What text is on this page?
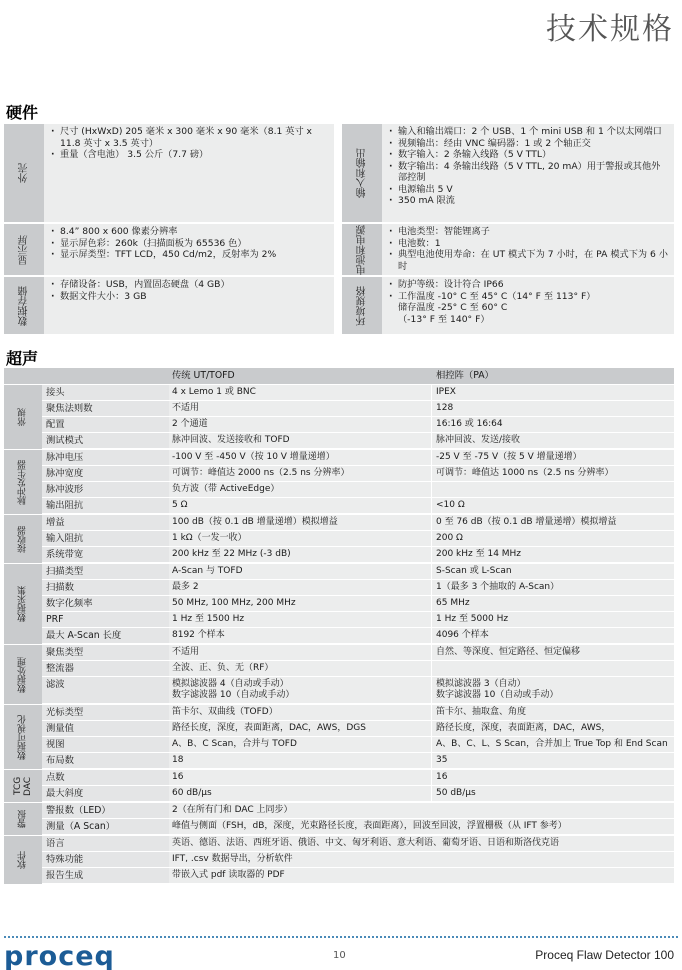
技术规格
硬件
外壳
· 尺寸 (HxWxD) 205 毫米 x 300 毫米 x 90 毫米（8.1 英寸 x 11.8 英寸 x 3.5 英寸）
· 重量（含电池） 3.5 公斤（7.7 磅）
显示屏
· 8.4” 800 x 600 像素分辨率
· 显示屏色彩：260k（扫描面板为 65536 色）
· 显示屏类型：TFT LCD，450 Cd/m2，反射率为 2%
数据存储
· 存储设备：USB，内置固态硬盘（4 GB）
· 数据文件大小：3 GB
输入和输出
· 输入和输出端口：2 个 USB、1 个 mini USB 和 1 个以太网端口
· 视频输出：经由 VNC 编码器：1 或 2 个轴正交
· 数字输入：2 条输入线路（5 V TTL）
· 数字输出：4 条输出线路（5 V TTL, 20 mA）用于警报或其他外部控制
· 电源输出 5 V
· 350 mA 限流
电池和电源
·	电池类型：智能锂离子
· 电池数：1
· 典型电池使用寿命：在 UT 模式下为 7 小时，在 PA 模式下为 6 小时
环境规格
· 防护等级：设计符合 IP66
· 工作温度 -10° C 至 45° C（14° F 至 113° F）
储存温度 -25° C 至 60° C
（-13° F 至 140° F）
超声
传统 UT/TOFD	相控阵（PA）
常规
接头	4 x Lemo 1 或 BNC	IPEX
聚焦法则数	不适用	128
配置	2 个通道	16:16 或 16:64
测试模式	脉冲回波、发送接收和 TOFD	脉冲回波、发送/接收
脉冲发生器
脉冲电压	-100 V 至 -450 V（按 10 V 增量递增）	-25 V 至 -75 V（按 5 V 增量递增）
脉冲宽度	可调节：峰值达 2000 ns（2.5 ns 分辨率）	可调节：峰值达 1000 ns（2.5 ns 分辨率）
脉冲波形	负方波（带 ActiveEdge）
输出阻抗	5 Ω	<10 Ω
接收器
增益	100 dB（按 0.1 dB 增量递增）模拟增益	0 至 76 dB（按 0.1 dB 增量递增）模拟增益
输入阻抗	1 kΩ（一发一收）	200 Ω
系统带宽	200 kHz 至 22 MHz (-3 dB)	200 kHz 至 14 MHz
数据采集
扫描类型	A-Scan 与 TOFD	S-Scan 或 L-Scan
扫描数	最多 2	1（最多 3 个抽取的 A-Scan）
数字化频率	50 MHz, 100 MHz, 200 MHz	65 MHz
PRF	1 Hz 至 1500 Hz	1 Hz 至 5000 Hz
最大 A-Scan 长度	8192 个样本	4096 个样本
数据处理
聚焦类型	不适用	自然、等深度、恒定路径、恒定偏移
整流器	全波、正、负、无（RF）
滤波	模拟滤波器 4（自动或手动）
数字滤波器 10（自动或手动）
模拟滤波器 3（自动）
数字滤波器 10（自动或手动）
数据可视化
光标类型	笛卡尔、双曲线（TOFD）	笛卡尔、抽取盒、角度
测量值	路径长度，深度，表面距离，DAC，AWS，DGS	路径长度，深度，表面距离，DAC，AWS，
视图	A、B、C Scan，合并与 TOFD	A、B、C、L、S Scan，合并加上 True Top 和 End Scan
布局数	18	35
TCG DAC	点数	16	16
最大斜度	60 dB/μs	50 dB/μs
警报	警报数（LED）	2（在所有门和 DAC 上同步）
测量（A Scan）	峰值与侧面（FSH，dB，深度，光束路径长度，表面距离），回波至回波，浮置栅极（从 IFT 参考）
软件
语言	英语、德语、法语、西班牙语、俄语、中文、匈牙利语、意大利语、葡萄牙语、日语和斯洛伐克语
特殊功能	IFT, .csv 数据导出，分析软件
报告生成	带嵌入式 pdf 读取器的 PDF
proceq	10	Proceq Flaw Detector 100
